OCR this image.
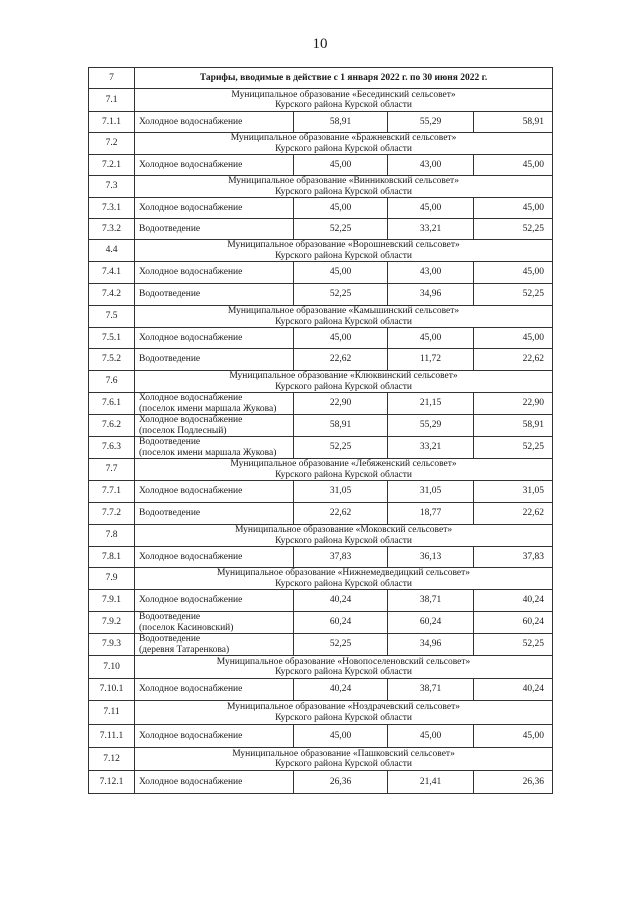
10
7	Тарифы, вводимые в действие с 1 января 2022 г. по 30 июня 2022 г.			
7.1	Муниципальное образование «Бесединский сельсовет»
Курского района Курской области			

7.1.1	Холодное водоснабжение	58,91	55,29	58,91
7.2	Муниципальное образование «Бражневский сельсовет»
Курского района Курской области			

7.2.1	Холодное водоснабжение	45,00	43,00	45,00
7.3	Муниципальное образование «Винниковский сельсовет»
Курского района Курской области			

7.3.1	Холодное водоснабжение	45,00	45,00	45,00
7.3.2	Водоотведение	52,25	33,21	52,25
4.4	Муниципальное образование «Ворошневский сельсовет»
Курского района Курской области			

7.4.1	Холодное водоснабжение	45,00	43,00	45,00
7.4.2	Водоотведение	52,25	34,96	52,25
7.5	Муниципальное образование «Камышинский сельсовет»
Курского района Курской области			

7.5.1	Холодное водоснабжение	45,00	45,00	45,00
7.5.2	Водоотведение	22,62	11,72	22,62
7.6	Муниципальное образование «Клюквинский сельсовет»
Курского района Курской области			

7.6.1	Холодное водоснабжение
(поселок имени маршала Жукова)	22,90	21,15	22,90
7.6.2	Холодное водоснабжение
(поселок Подлесный)	58,91	55,29	58,91
7.6.3	Водоотведение
(поселок имени маршала Жукова)	52,25	33,21	52,25
7.7	Муниципальное образование «Лебяженский сельсовет»
Курского района Курской области			

7.7.1	Холодное водоснабжение	31,05	31,05	31,05
7.7.2	Водоотведение	22,62	18,77	22,62
7.8	Муниципальное образование «Моковский сельсовет»
Курского района Курской области			

7.8.1	Холодное водоснабжение	37,83	36,13	37,83
7.9	Муниципальное образование «Нижнемедведицкий сельсовет»
Курского района Курской области			

7.9.1	Холодное водоснабжение	40,24	38,71	40,24
7.9.2	Водоотведение
(поселок Касиновский)	60,24	60,24	60,24
7.9.3	Водоотведение
(деревня Татаренкова)	52,25	34,96	52,25
7.10	Муниципальное образование «Новопоселеновский сельсовет»
Курского района Курской области			

7.10.1	Холодное водоснабжение	40,24	38,71	40,24
7.11	Муниципальное образование «Ноздрачевский сельсовет»
Курского района Курской области			

7.11.1	Холодное водоснабжение	45,00	45,00	45,00
7.12	Муниципальное образование «Пашковский сельсовет»
Курского района Курской области			

7.12.1	Холодное водоснабжение	26,36	21,41	26,36
